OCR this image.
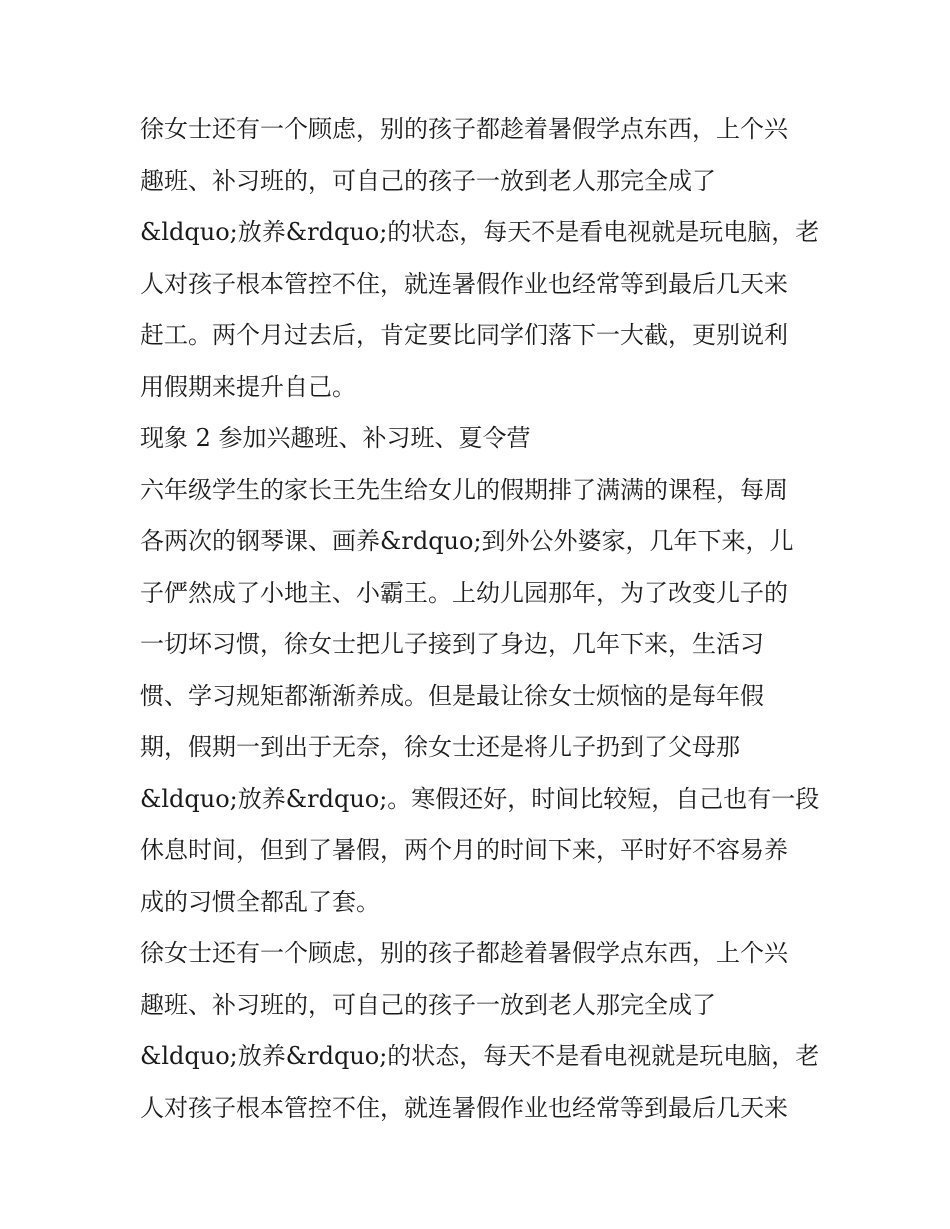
徐女士还有一个顾虑，别的孩子都趁着暑假学点东西，上个兴
趣班、补习班的，可自己的孩子一放到老人那完全成了
&ldquo;放养&rdquo;的状态，每天不是看电视就是玩电脑，老
人对孩子根本管控不住，就连暑假作业也经常等到最后几天来
赶工。两个月过去后，肯定要比同学们落下一大截，更别说利
用假期来提升自己。

现象 2 参加兴趣班、补习班、夏令营

六年级学生的家长王先生给女儿的假期排了满满的课程，每周
各两次的钢琴课、画养&rdquo;到外公外婆家，几年下来，儿
子俨然成了小地主、小霸王。上幼儿园那年，为了改变儿子的
一切坏习惯，徐女士把儿子接到了身边，几年下来，生活习
惯、学习规矩都渐渐养成。但是最让徐女士烦恼的是每年假
期，假期一到出于无奈，徐女士还是将儿子扔到了父母那
&ldquo;放养&rdquo;。寒假还好，时间比较短，自己也有一段
休息时间，但到了暑假，两个月的时间下来，平时好不容易养
成的习惯全都乱了套。

徐女士还有一个顾虑，别的孩子都趁着暑假学点东西，上个兴
趣班、补习班的，可自己的孩子一放到老人那完全成了
&ldquo;放养&rdquo;的状态，每天不是看电视就是玩电脑，老
人对孩子根本管控不住，就连暑假作业也经常等到最后几天来
